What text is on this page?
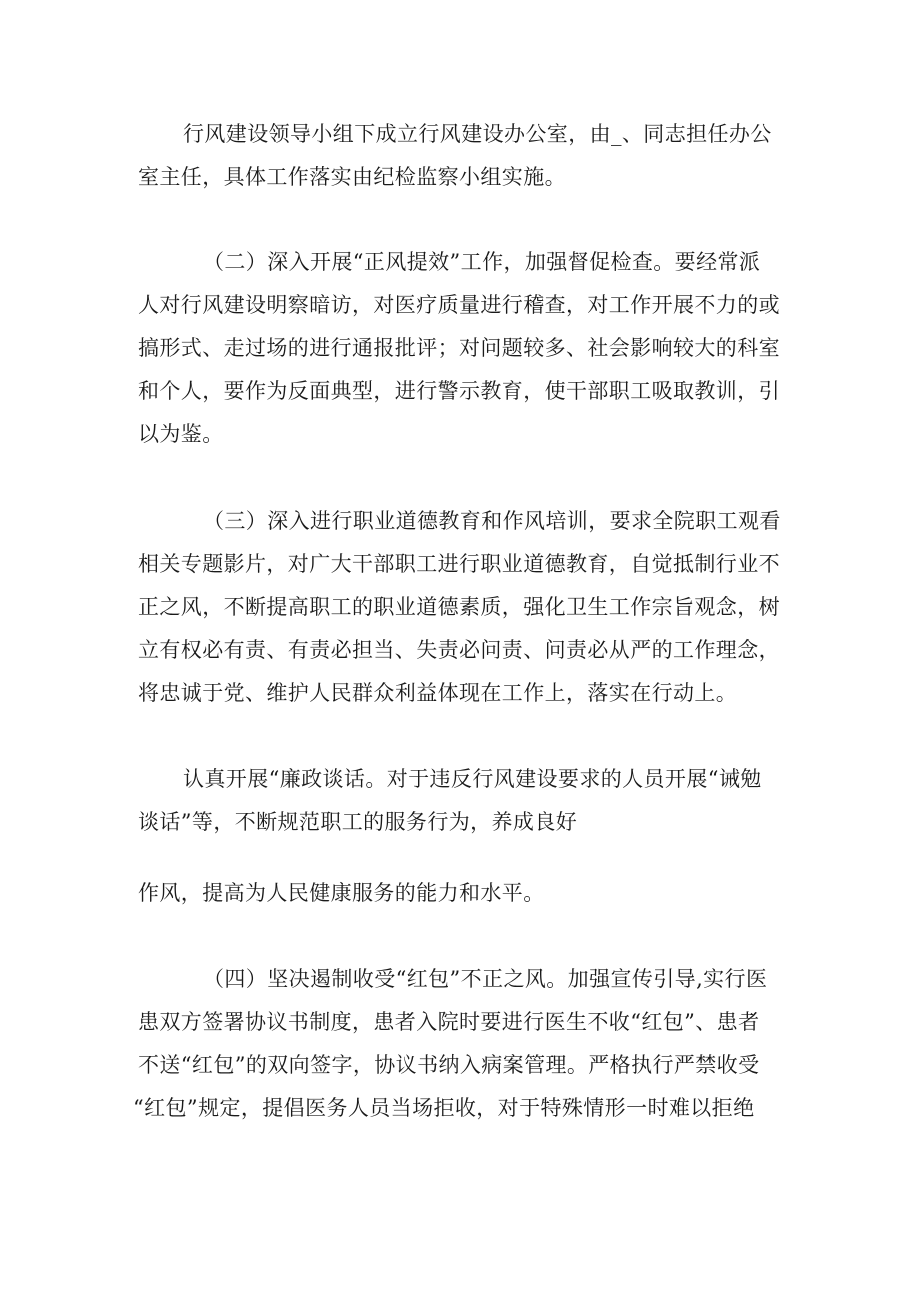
行风建设领导小组下成立行风建设办公室，由_、同志担任办公
室主任，具体工作落实由纪检监察小组实施。
（二）深入开展“正风提效”工作，加强督促检查。要经常派
人对行风建设明察暗访，对医疗质量进行稽查，对工作开展不力的或
搞形式、走过场的进行通报批评；对问题较多、社会影响较大的科室
和个人，要作为反面典型，进行警示教育，使干部职工吸取教训，引
以为鉴。
（三）深入进行职业道德教育和作风培训，要求全院职工观看
相关专题影片，对广大干部职工进行职业道德教育，自觉抵制行业不
正之风，不断提高职工的职业道德素质，强化卫生工作宗旨观念，树
立有权必有责、有责必担当、失责必问责、问责必从严的工作理念，
将忠诚于党、维护人民群众利益体现在工作上，落实在行动上。
认真开展“廉政谈话。对于违反行风建设要求的人员开展“诫勉
谈话”等，不断规范职工的服务行为，养成良好
作风，提高为人民健康服务的能力和水平。
（四）坚决遏制收受“红包”不正之风。加强宣传引导,实行医
患双方签署协议书制度，患者入院时要进行医生不收“红包”、患者
不送“红包”的双向签字，协议书纳入病案管理。严格执行严禁收受
“红包”规定，提倡医务人员当场拒收，对于特殊情形一时难以拒绝
